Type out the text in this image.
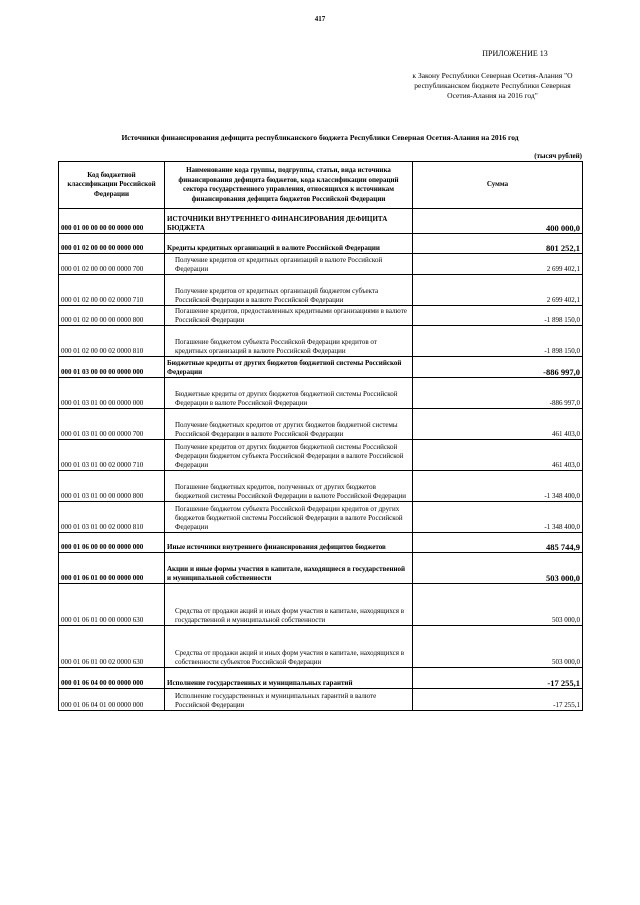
417
ПРИЛОЖЕНИЕ 13
к Закону Республики Северная Осетия-Алания "О республиканском бюджете Республики Северная Осетия-Алания на 2016 год"
Источники финансирования дефицита республиканского бюджета Республики Северная Осетия-Алания на 2016 год
(тысяч рублей)
Код бюджетной классификации Российской Федерации	Наименование кода группы, подгруппы, статьи, вида источника финансирования дефицита бюджетов, кода классификации операций сектора государственного управления, относящихся к источникам финансирования дефицита бюджетов Российской Федерации	Сумма
000 01 00 00 00 00 0000 000	ИСТОЧНИКИ ВНУТРЕННЕГО ФИНАНСИРОВАНИЯ ДЕФИЦИТА БЮДЖЕТА	400 000,0
000 01 02 00 00 00 0000 000	Кредиты кредитных организаций в валюте Российской Федерации	801 252,1
000 01 02 00 00 00 0000 700	Получение кредитов от кредитных организаций в валюте Российской Федерации	2 699 402,1
000 01 02 00 00 02 0000 710	Получение кредитов от кредитных организаций бюджетом субъекта Российской Федерации в валюте Российской Федерации	2 699 402,1
000 01 02 00 00 00 0000 800	Погашение кредитов, предоставленных кредитными организациями в валюте Российской Федерации	-1 898 150,0
000 01 02 00 00 02 0000 810	Погашение бюджетом субъекта Российской Федерации кредитов от кредитных организаций в валюте Российской Федерации	-1 898 150,0
000 01 03 00 00 00 0000 000	Бюджетные кредиты от других бюджетов бюджетной системы Российской Федерации	-886 997,0
000 01 03 01 00 00 0000 000	Бюджетные кредиты от других бюджетов бюджетной системы Российской Федерации в валюте Российской Федерации	-886 997,0
000 01 03 01 00 00 0000 700	Получение бюджетных кредитов от других бюджетов бюджетной системы Российской Федерации в валюте Российской Федерации	461 403,0
000 01 03 01 00 02 0000 710	Получение кредитов от других бюджетов бюджетной системы Российской Федерации бюджетом субъекта Российской Федерации в валюте Российской Федерации	461 403,0
000 01 03 01 00 00 0000 800	Погашение бюджетных кредитов, полученных от других бюджетов бюджетной системы Российской Федерации в валюте Российской Федерации	-1 348 400,0
000 01 03 01 00 02 0000 810	Погашение бюджетом субъекта Российской Федерации кредитов от других бюджетов бюджетной системы Российской Федерации в валюте Российской Федерации	-1 348 400,0
000 01 06 00 00 00 0000 000	Иные источники внутреннего финансирования дефицитов бюджетов	485 744,9
000 01 06 01 00 00 0000 000	Акции и иные формы участия в капитале, находящиеся в государственной и муниципальной собственности	503 000,0
000 01 06 01 00 00 0000 630	Средства от продажи акций и иных форм участия в капитале, находящихся в государственной и муниципальной собственности	503 000,0
000 01 06 01 00 02 0000 630	Средства от продажи акций и иных форм участия в капитале, находящихся в собственности субъектов Российской Федерации	503 000,0
000 01 06 04 00 00 0000 000	Исполнение государственных и муниципальных гарантий	-17 255,1
000 01 06 04 01 00 0000 000	Исполнение государственных и муниципальных гарантий в валюте Российской Федерации	-17 255,1
